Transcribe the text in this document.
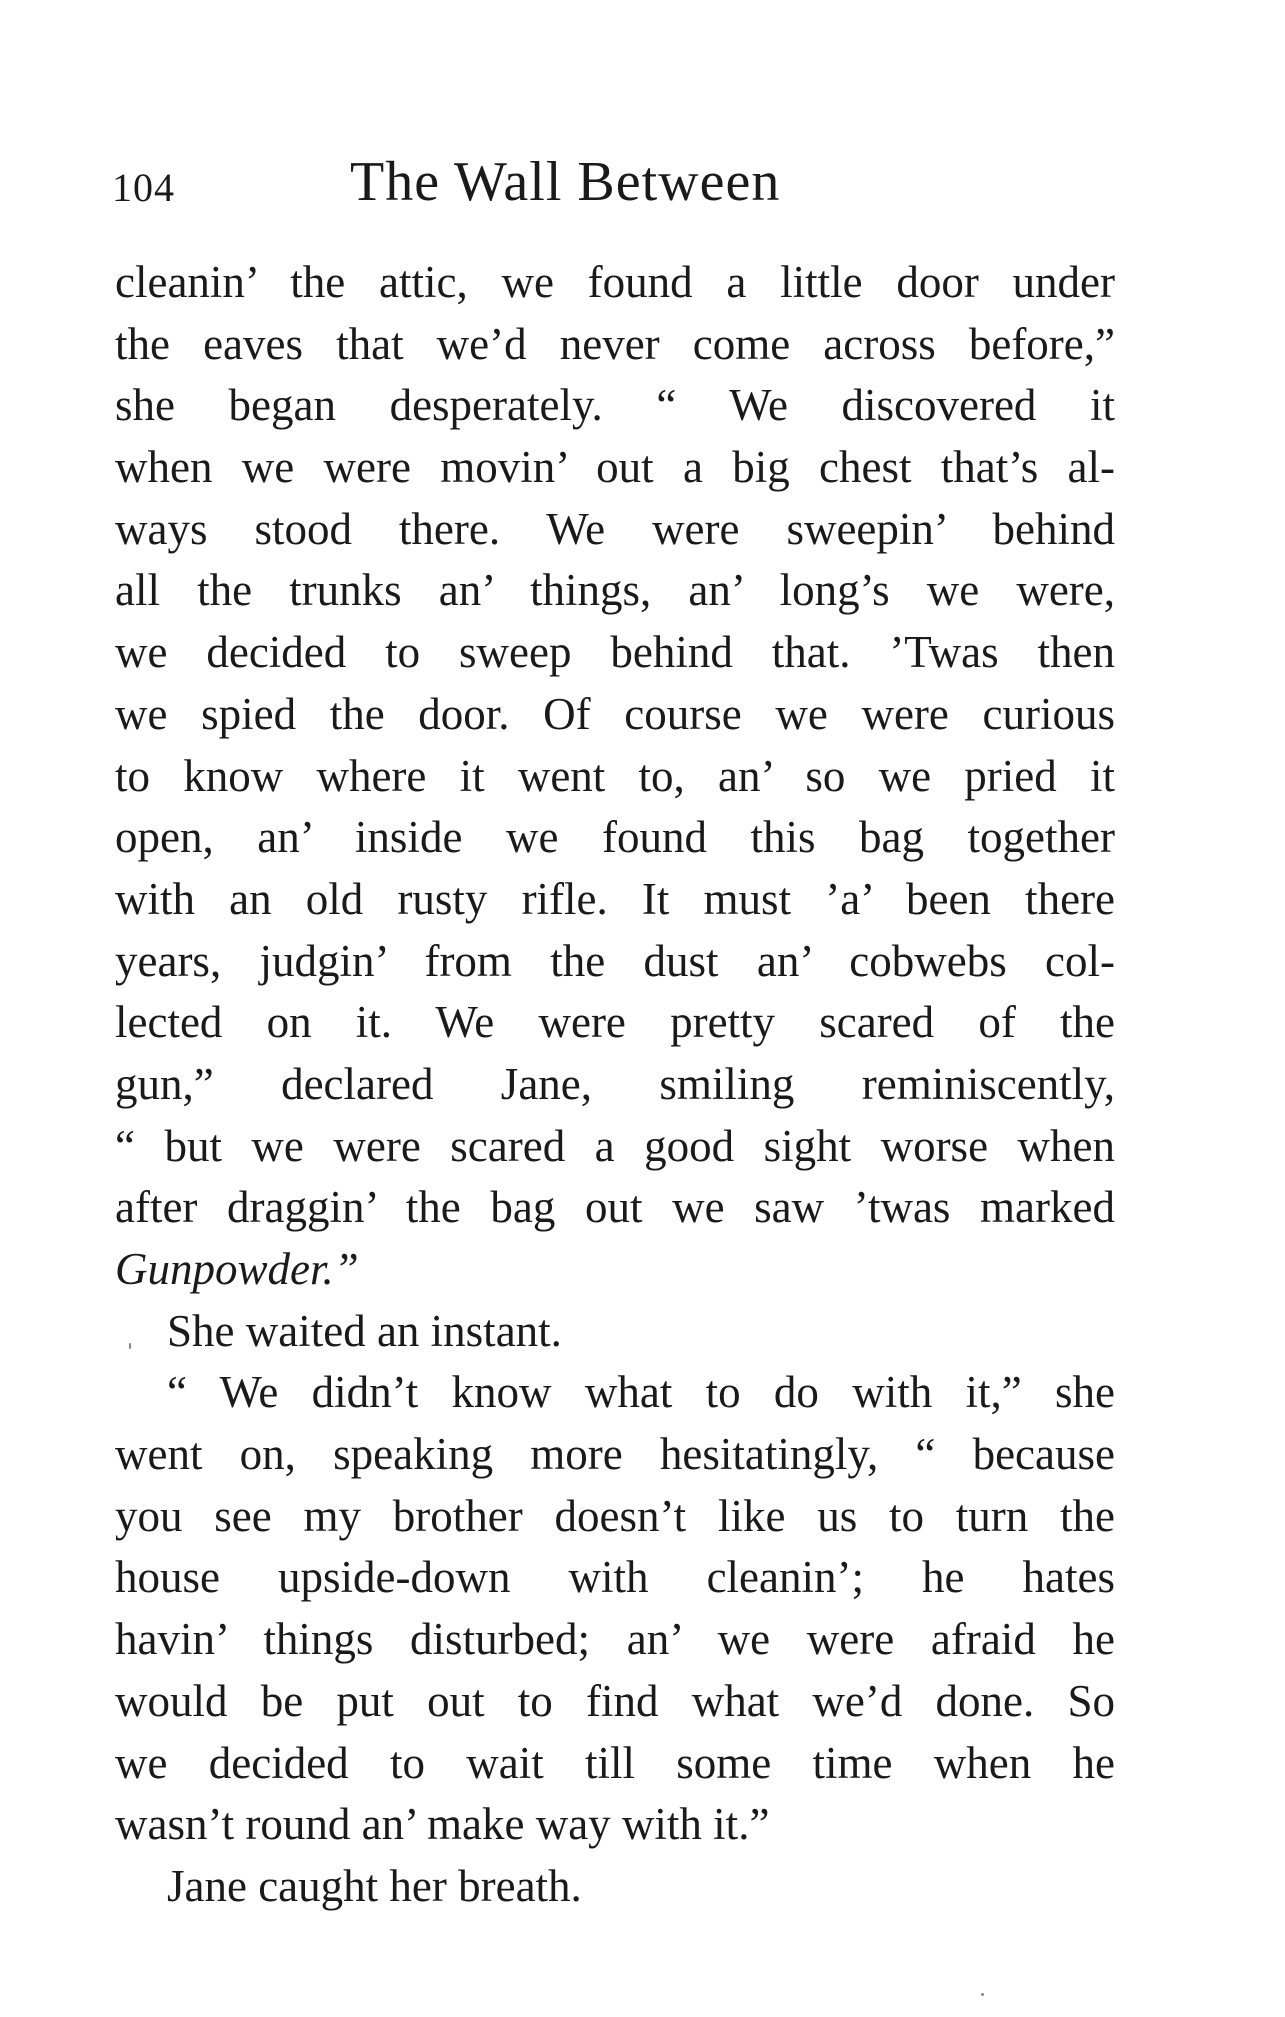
104	The Wall Between
cleanin’ the attic, we found a little door under
the eaves that we’d never come across before,”
she began desperately. “ We discovered it
when we were movin’ out a big chest that’s al-
ways stood there. We were sweepin’ behind
all the trunks an’ things, an’ long’s we were,
we decided to sweep behind that. ’Twas then
we spied the door. Of course we were curious
to know where it went to, an’ so we pried it
open, an’ inside we found this bag together
with an old rusty rifle. It must ’a’ been there
years, judgin’ from the dust an’ cobwebs col-
lected on it. We were pretty scared of the
gun,” declared Jane, smiling reminiscently,
“ but we were scared a good sight worse when
after draggin’ the bag out we saw ’twas marked
Gunpowder.”
She waited an instant.
“ We didn’t know what to do with it,” she
went on, speaking more hesitatingly, “ because
you see my brother doesn’t like us to turn the
house upside-down with cleanin’; he hates
havin’ things disturbed; an’ we were afraid he
would be put out to find what we’d done. So
we decided to wait till some time when he
wasn’t round an’ make way with it.”
Jane caught her breath.
